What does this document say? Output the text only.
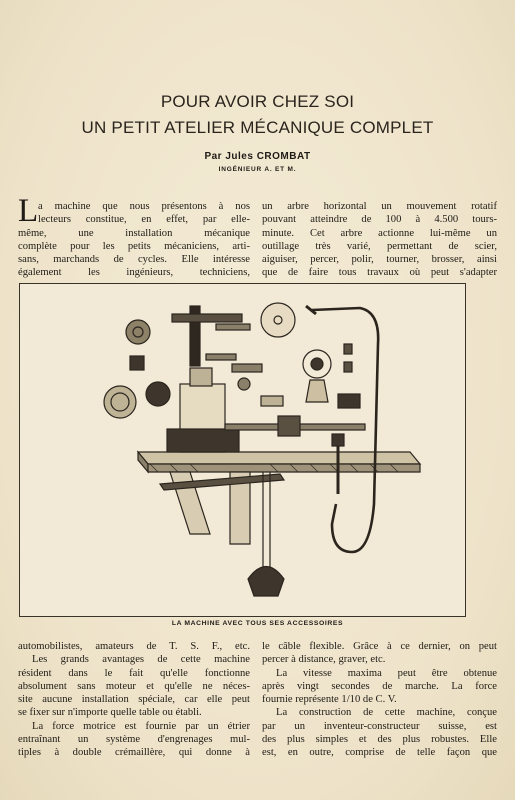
POUR AVOIR CHEZ SOI
UN PETIT ATELIER MÉCANIQUE COMPLET
Par Jules CROMBAT
INGÉNIEUR A. ET M.
L a machine que nous présentons à nos
lecteurs constitue, en effet, par elle-
même, une installation mécanique
complète pour les petits mécaniciens, arti-
sans, marchands de cycles. Elle intéresse
également les ingénieurs, techniciens,
un arbre horizontal un mouvement rotatif
pouvant atteindre de 100 à 4.500 tours-
minute. Cet arbre actionne lui-même un
outillage très varié, permettant de scier,
aiguiser, percer, polir, tourner, brosser, ainsi
que de faire tous travaux où peut s'adapter
LA MACHINE AVEC TOUS SES ACCESSOIRES
automobilistes, amateurs de T. S. F., etc.
Les grands avantages de cette machine
résident dans le fait qu'elle fonctionne
absolument sans moteur et qu'elle ne néces-
site aucune installation spéciale, car elle peut
se fixer sur n'importe quelle table ou établi.
La force motrice est fournie par un étrier
entraînant un système d'engrenages mul-
tiples à double crémaillère, qui donne à
le câble flexible. Grâce à ce dernier, on peut
percer à distance, graver, etc.
La vitesse maxima peut être obtenue
après vingt secondes de marche. La force
fournie représente 1/10 de C. V.
La construction de cette machine, conçue
par un inventeur-constructeur suisse, est
des plus simples et des plus robustes. Elle
est, en outre, comprise de telle façon que
